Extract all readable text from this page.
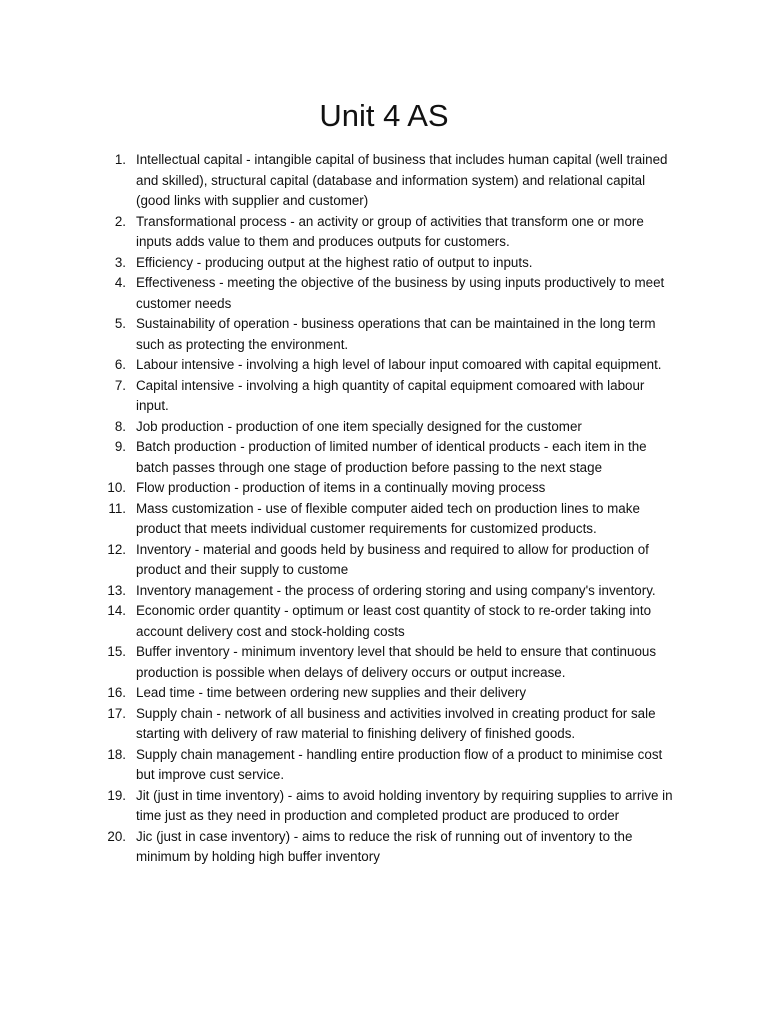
Unit 4 AS
1. Intellectual capital - intangible capital of business that includes human capital (well trained and skilled), structural capital (database and information system) and relational capital (good links with supplier and customer)
2. Transformational process - an activity or group of activities that transform one or more inputs adds value to them and produces outputs for customers.
3. Efficiency - producing output at the highest ratio of output to inputs.
4. Effectiveness - meeting the objective of the business by using inputs productively to meet customer needs
5. Sustainability of operation - business operations that can be maintained in the long term such as protecting the environment.
6. Labour intensive - involving a high level of labour input comoared with capital equipment.
7. Capital intensive - involving a high quantity of capital equipment comoared with labour input.
8. Job production - production of one item specially designed for the customer
9. Batch production - production of limited number of identical products - each item in the batch passes through one stage of production before passing to the next stage
10. Flow production - production of items in a continually moving process
11. Mass customization - use of flexible computer aided tech on production lines to make product that meets individual customer requirements for customized products.
12. Inventory - material and goods held by business and required to allow for production of product and their supply to custome
13. Inventory management - the process of ordering storing and using company's inventory.
14. Economic order quantity - optimum or least cost quantity of stock to re-order taking into account delivery cost and stock-holding costs
15. Buffer inventory - minimum inventory level that should be held to ensure that continuous production is possible when delays of delivery occurs or output increase.
16. Lead time - time between ordering new supplies and their delivery
17. Supply chain - network of all business and activities involved in creating product for sale starting with delivery of raw material to finishing delivery of finished goods.
18. Supply chain management - handling entire production flow of a product to minimise cost but improve cust service.
19. Jit (just in time inventory) - aims to avoid holding inventory by requiring supplies to arrive in time just as they need in production and completed product are produced to order
20. Jic (just in case inventory) - aims to reduce the risk of running out of inventory to the minimum by holding high buffer inventory
